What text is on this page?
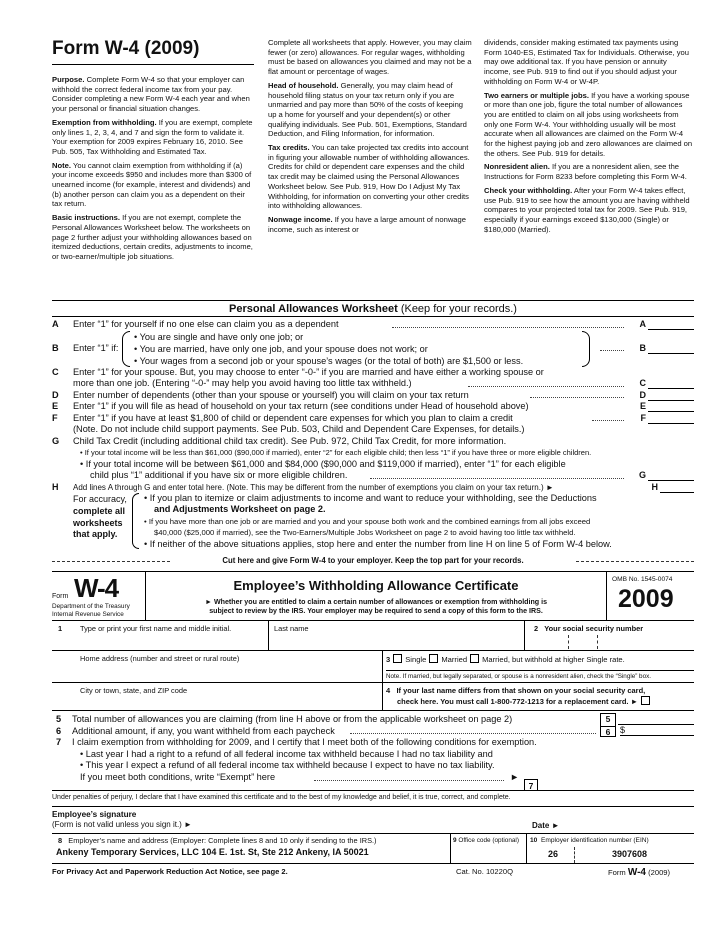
Form W-4 (2009)
Purpose. Complete Form W-4 so that your employer can withhold the correct federal income tax from your pay. Consider completing a new Form W-4 each year and when your personal or financial situation changes.
Exemption from withholding. If you are exempt, complete only lines 1, 2, 3, 4, and 7 and sign the form to validate it. Your exemption for 2009 expires February 16, 2010. See Pub. 505, Tax Withholding and Estimated Tax.
Note. You cannot claim exemption from withholding if (a) your income exceeds $950 and includes more than $300 of unearned income (for example, interest and dividends) and (b) another person can claim you as a dependent on their tax return.
Basic instructions. If you are not exempt, complete the Personal Allowances Worksheet below. The worksheets on page 2 further adjust your withholding allowances based on itemized deductions, certain credits, adjustments to income, or two-earner/multiple job situations.
Complete all worksheets that apply. However, you may claim fewer (or zero) allowances. For regular wages, withholding must be based on allowances you claimed and may not be a flat amount or percentage of wages.
Head of household. Generally, you may claim head of household filing status on your tax return only if you are unmarried and pay more than 50% of the costs of keeping up a home for yourself and your dependent(s) or other qualifying individuals. See Pub. 501, Exemptions, Standard Deduction, and Filing Information, for information.
Tax credits. You can take projected tax credits into account in figuring your allowable number of withholding allowances. Credits for child or dependent care expenses and the child tax credit may be claimed using the Personal Allowances Worksheet below. See Pub. 919, How Do I Adjust My Tax Withholding, for information on converting your other credits into withholding allowances.
Nonwage income. If you have a large amount of nonwage income, such as interest or
dividends, consider making estimated tax payments using Form 1040-ES, Estimated Tax for Individuals. Otherwise, you may owe additional tax. If you have pension or annuity income, see Pub. 919 to find out if you should adjust your withholding on Form W-4 or W-4P.
Two earners or multiple jobs. If you have a working spouse or more than one job, figure the total number of allowances you are entitled to claim on all jobs using worksheets from only one Form W-4. Your withholding usually will be most accurate when all allowances are claimed on the Form W-4 for the highest paying job and zero allowances are claimed on the others. See Pub. 919 for details.
Nonresident alien. If you are a nonresident alien, see the Instructions for Form 8233 before completing this Form W-4.
Check your withholding. After your Form W-4 takes effect, use Pub. 919 to see how the amount you are having withheld compares to your projected total tax for 2009. See Pub. 919, especially if your earnings exceed $130,000 (Single) or $180,000 (Married).
Personal Allowances Worksheet (Keep for your records.)
A	Enter “1” for yourself if no one else can claim you as a dependent	A
B	Enter “1” if:	B
• You are single and have only one job; or
• You are married, have only one job, and your spouse does not work; or
• Your wages from a second job or your spouse’s wages (or the total of both) are $1,500 or less.
C	Enter “1” for your spouse. But, you may choose to enter “-0-” if you are married and have either a working spouse or
more than one job. (Entering “-0-” may help you avoid having too little tax withheld.)	C
D	Enter number of dependents (other than your spouse or yourself) you will claim on your tax return	D
E	Enter “1” if you will file as head of household on your tax return (see conditions under Head of household above)	E
F	Enter “1” if you have at least $1,800 of child or dependent care expenses for which you plan to claim a credit	F
(Note. Do not include child support payments. See Pub. 503, Child and Dependent Care Expenses, for details.)
G	Child Tax Credit (including additional child tax credit). See Pub. 972, Child Tax Credit, for more information.
• If your total income will be less than $61,000 ($90,000 if married), enter “2” for each eligible child; then less “1” if you have three or more eligible children.
• If your total income will be between $61,000 and $84,000 ($90,000 and $119,000 if married), enter “1” for each eligible
child plus “1” additional if you have six or more eligible children.	G
H	Add lines A through G and enter total here. (Note. This may be different from the number of exemptions you claim on your tax return.) ►	H
For accuracy,
complete all
worksheets
that apply.
• If you plan to itemize or claim adjustments to income and want to reduce your withholding, see the Deductions
and Adjustments Worksheet on page 2.
• If you have more than one job or are married and you and your spouse both work and the combined earnings from all jobs exceed
$40,000 ($25,000 if married), see the Two-Earners/Multiple Jobs Worksheet on page 2 to avoid having too little tax withheld.
• If neither of the above situations applies, stop here and enter the number from line H on line 5 of Form W-4 below.
Cut here and give Form W-4 to your employer. Keep the top part for your records.
Form W-4
Department of the Treasury
Internal Revenue Service
Employee’s Withholding Allowance Certificate
► Whether you are entitled to claim a certain number of allowances or exemption from withholding is
subject to review by the IRS. Your employer may be required to send a copy of this form to the IRS.
OMB No. 1545-0074
2009
1 Type or print your first name and middle initial.	Last name	2   Your social security number
Home address (number and street or rural route)	3 Single Married Married, but withhold at higher Single rate.
Note. If married, but legally separated, or spouse is a nonresident alien, check the “Single” box.
City or town, state, and ZIP code	4   If your last name differs from that shown on your social security card,
check here. You must call 1-800-772-1213 for a replacement card. ►
5 Total number of allowances you are claiming (from line H above or from the applicable worksheet on page 2)
6 Additional amount, if any, you want withheld from each paycheck
7 I claim exemption from withholding for 2009, and I certify that I meet both of the following conditions for exemption.
• Last year I had a right to a refund of all federal income tax withheld because I had no tax liability and
• This year I expect a refund of all federal income tax withheld because I expect to have no tax liability.
If you meet both conditions, write “Exempt” here	►
5
6	$
7
Under penalties of perjury, I declare that I have examined this certificate and to the best of my knowledge and belief, it is true, correct, and complete.
Employee’s signature
(Form is not valid unless you sign it.) ►	Date ►
8   Employer’s name and address (Employer: Complete lines 8 and 10 only if sending to the IRS.)
Ankeny Temporary Services, LLC 104 E. 1st. St, Ste 212 Ankeny, IA 50021
9 Office code (optional) 10  Employer identification number (EIN)
26	3907608
For Privacy Act and Paperwork Reduction Act Notice, see page 2.	Cat. No. 10220Q	Form W-4 (2009)
